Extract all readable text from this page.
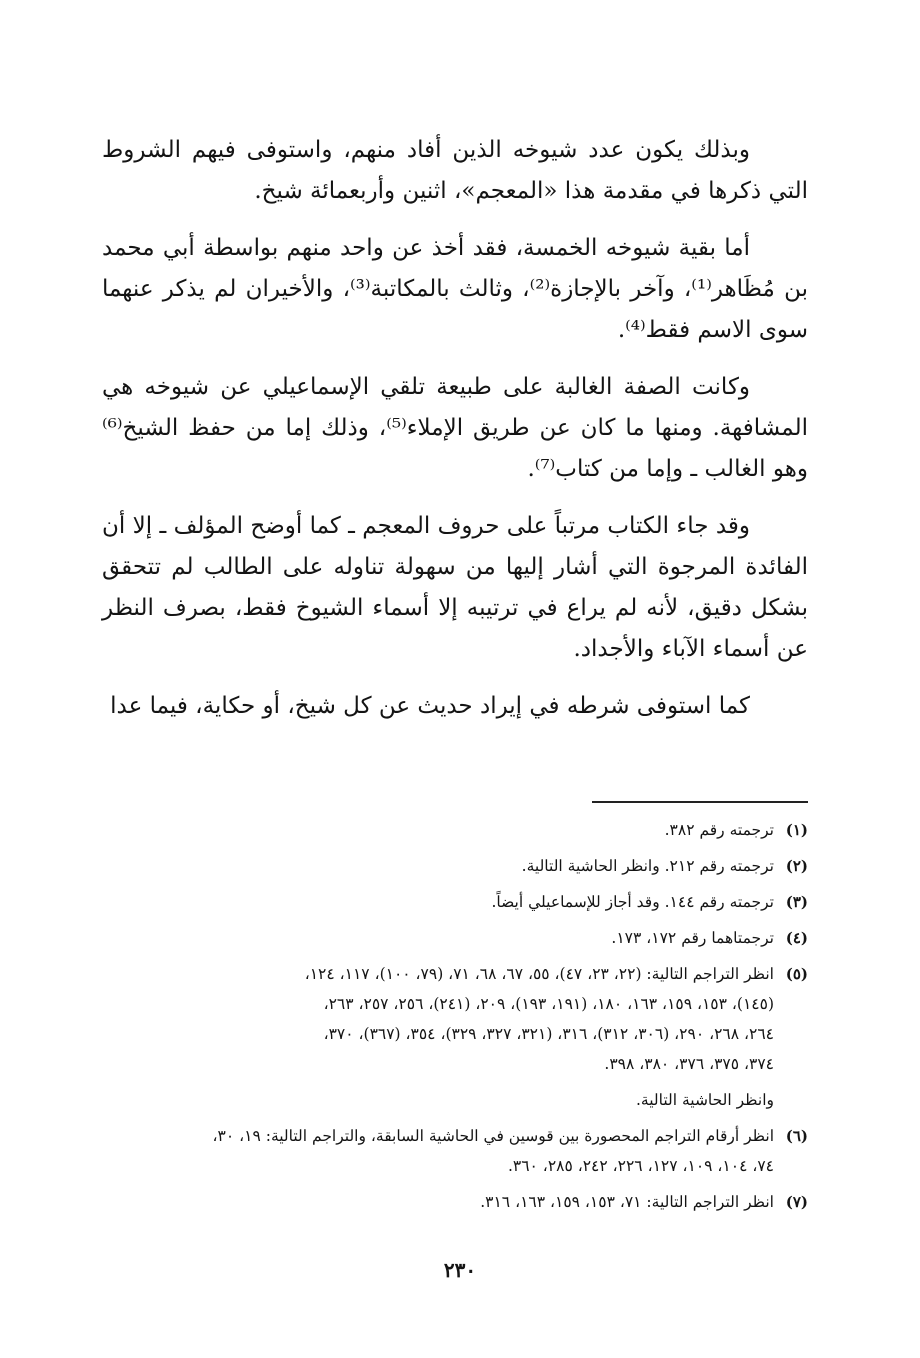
وبذلك يكون عدد شيوخه الذين أفاد منهم، واستوفى فيهم الشروط التي ذكرها في مقدمة هذا «المعجم»، اثنين وأربعمائة شيخ.

أما بقية شيوخه الخمسة، فقد أخذ عن واحد منهم بواسطة أبي محمد بن مُظَاهر⁽¹⁾، وآخر بالإجازة⁽²⁾، وثالث بالمكاتبة⁽³⁾، والأخيران لم يذكر عنهما سوى الاسم فقط⁽⁴⁾.

وكانت الصفة الغالبة على طبيعة تلقي الإسماعيلي عن شيوخه هي المشافهة. ومنها ما كان عن طريق الإملاء⁽⁵⁾، وذلك إما من حفظ الشيخ⁽⁶⁾ وهو الغالب ـ وإما من كتاب⁽⁷⁾.

وقد جاء الكتاب مرتباً على حروف المعجم ـ كما أوضح المؤلف ـ إلا أن الفائدة المرجوة التي أشار إليها من سهولة تناوله على الطالب لم تتحقق بشكل دقيق، لأنه لم يراع في ترتيبه إلا أسماء الشيوخ فقط، بصرف النظر عن أسماء الآباء والأجداد.

كما استوفى شرطه في إيراد حديث عن كل شيخ، أو حكاية، فيما عدا

(١)
ترجمته رقم ٣٨٢.
(٢)
ترجمته رقم ٢١٢. وانظر الحاشية التالية.
(٣)
ترجمته رقم ١٤٤. وقد أجاز للإسماعيلي أيضاً.
(٤)
ترجمتاهما رقم ١٧٢، ١٧٣.
(٥)
انظر التراجم التالية: (٢٢، ٢٣، ٤٧)، ٥٥، ٦٧، ٦٨، ٧١، (٧٩، ١٠٠)، ١١٧، ١٢٤،
(١٤٥)، ١٥٣، ١٥٩، ١٦٣، ١٨٠، (١٩١، ١٩٣)، ٢٠٩، (٢٤١)، ٢٥٦، ٢٥٧، ٢٦٣،
٢٦٤، ٢٦٨، ٢٩٠، (٣٠٦، ٣١٢)، ٣١٦، (٣٢١، ٣٢٧، ٣٢٩)، ٣٥٤، (٣٦٧)، ٣٧٠،
٣٧٤، ٣٧٥، ٣٧٦، ٣٨٠، ٣٩٨.
وانظر الحاشية التالية.
(٦)
انظر أرقام التراجم المحصورة بين قوسين في الحاشية السابقة، والتراجم التالية: ١٩، ٣٠،
٧٤، ١٠٤، ١٠٩، ١٢٧، ٢٢٦، ٢٤٢، ٢٨٥، ٣٦٠.
(٧)
انظر التراجم التالية: ٧١، ١٥٣، ١٥٩، ١٦٣، ٣١٦.
٢٣٠
